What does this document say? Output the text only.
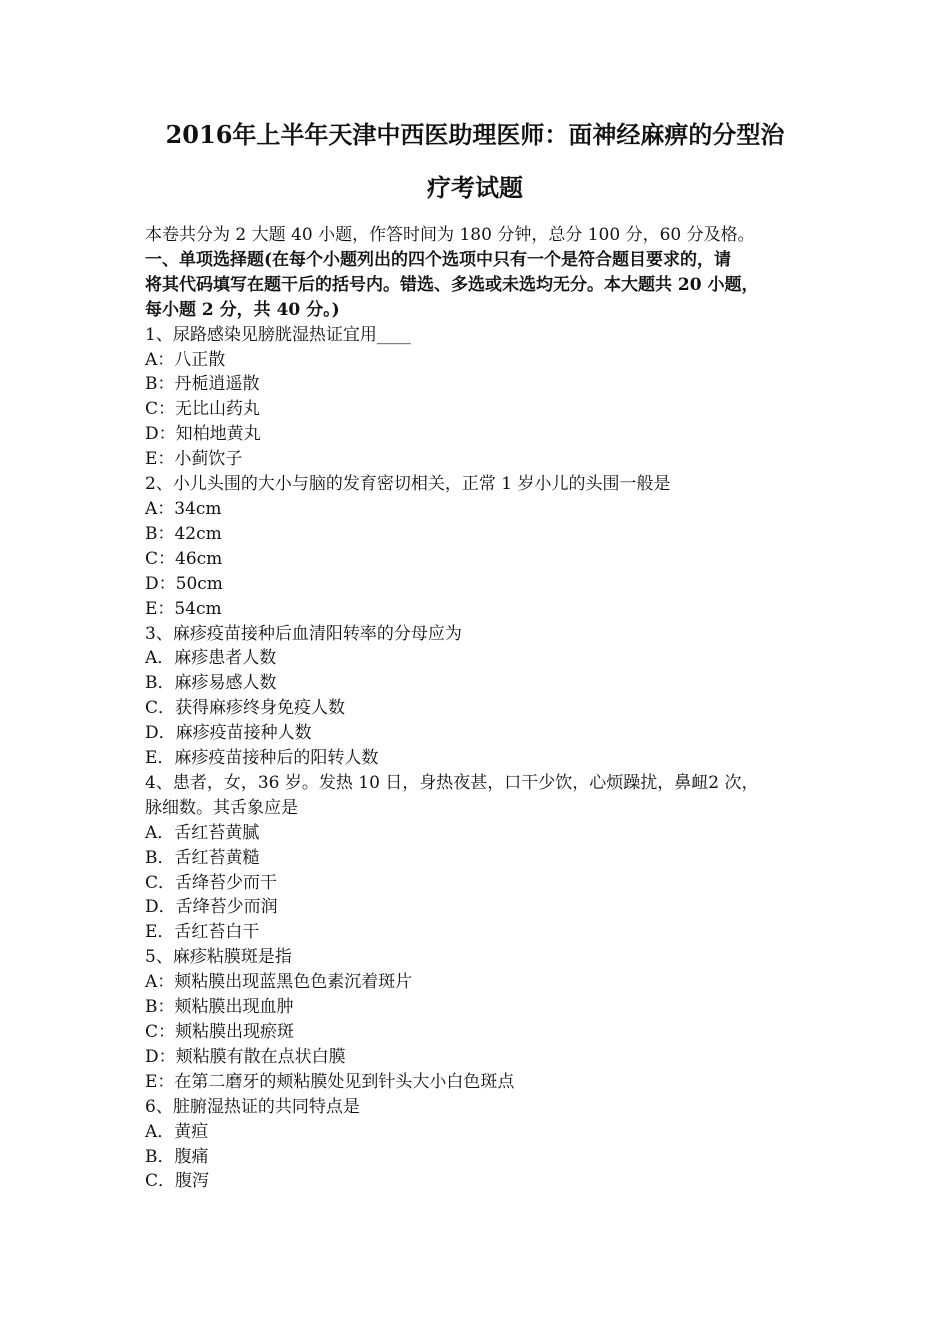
2016年上半年天津中西医助理医师：面神经麻痹的分型治
疗考试题
本卷共分为 2 大题 40 小题，作答时间为 180 分钟，总分 100 分，60 分及格。
一、单项选择题(在每个小题列出的四个选项中只有一个是符合题目要求的，请
将其代码填写在题干后的括号内。错选、多选或未选均无分。本大题共 20 小题，
每小题 2 分，共 40 分。)
1、尿路感染见膀胱湿热证宜用____
A：八正散
B：丹栀逍遥散
C：无比山药丸
D：知柏地黄丸
E：小蓟饮子
2、小儿头围的大小与脑的发育密切相关，正常 1 岁小儿的头围一般是
A：34cm
B：42cm
C：46cm
D：50cm
E：54cm
3、麻疹疫苗接种后血清阳转率的分母应为
A．麻疹患者人数
B．麻疹易感人数
C．获得麻疹终身免疫人数
D．麻疹疫苗接种人数
E．麻疹疫苗接种后的阳转人数
4、患者，女，36 岁。发热 10 日，身热夜甚，口干少饮，心烦躁扰，鼻衄2 次，
脉细数。其舌象应是
A．舌红苔黄腻
B．舌红苔黄糙
C．舌绛苔少而干
D．舌绛苔少而润
E．舌红苔白干
5、麻疹粘膜斑是指
A：颊粘膜出现蓝黑色色素沉着斑片
B：颊粘膜出现血肿
C：颊粘膜出现瘀斑
D：颊粘膜有散在点状白膜
E：在第二磨牙的颊粘膜处见到针头大小白色斑点
6、脏腑湿热证的共同特点是
A．黄疸
B．腹痛
C．腹泻
